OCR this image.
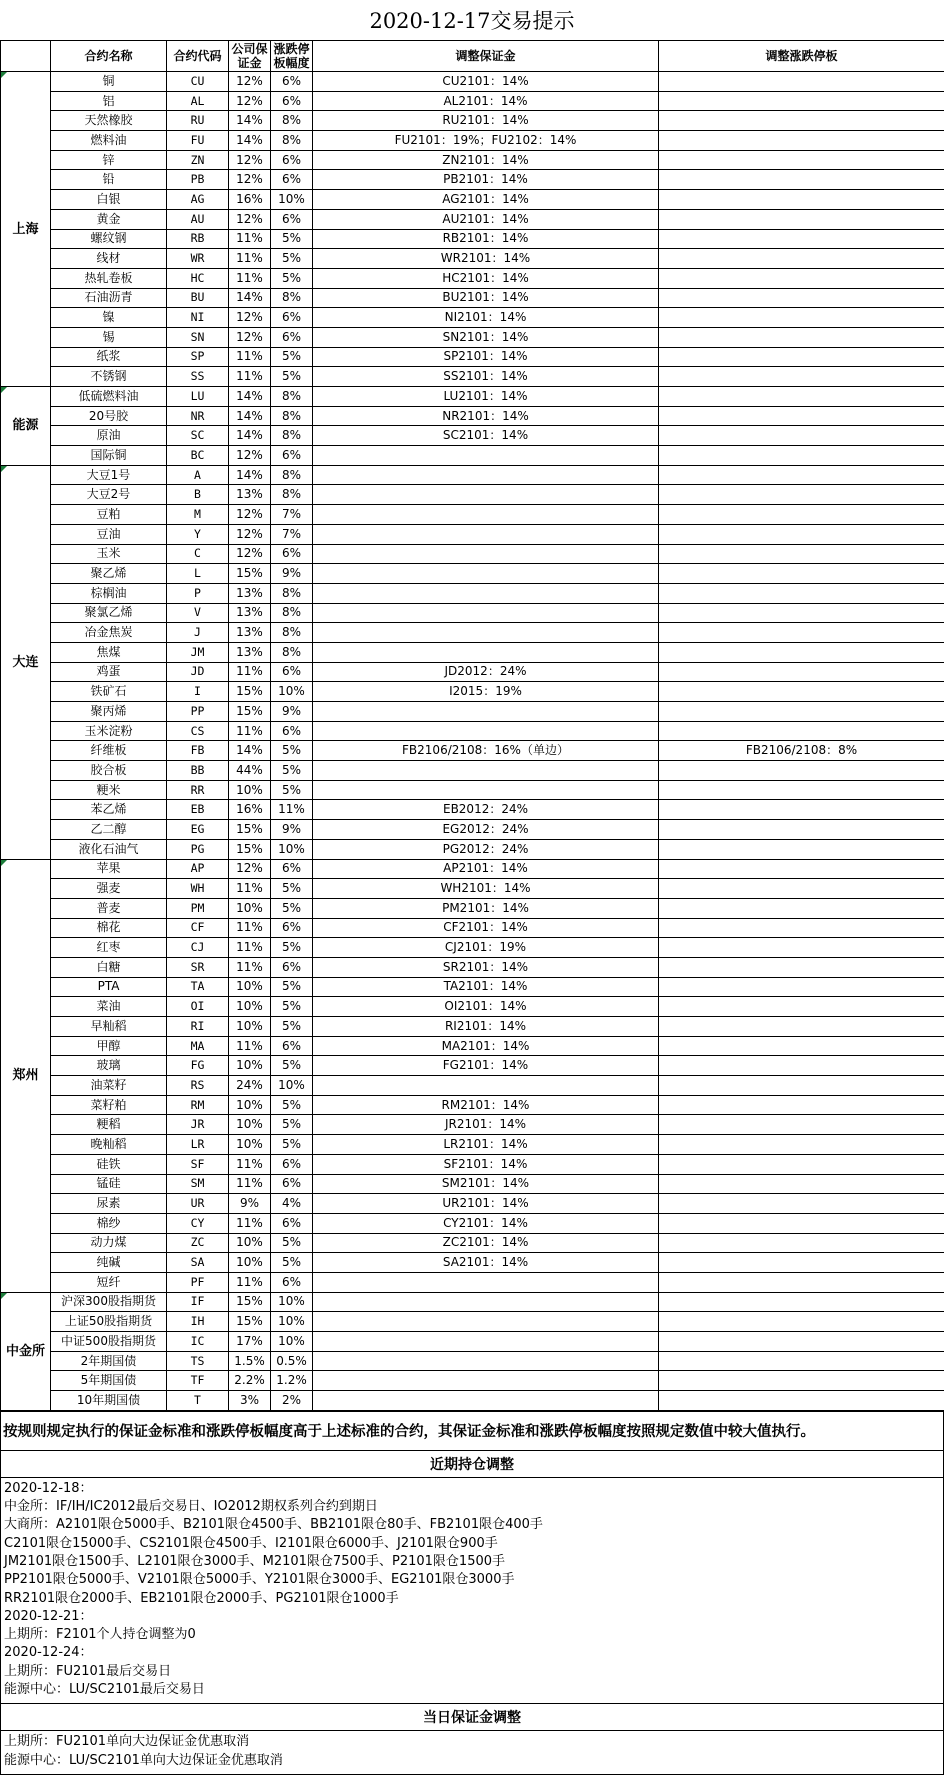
2020-12-17交易提示
	合约名称	合约代码	公司保证金	涨跌停板幅度	调整保证金	调整涨跌停板
上海	铜	CU	12%	6%	CU2101：14%	
	铝	AL	12%	6%	AL2101：14%	
	天然橡胶	RU	14%	8%	RU2101：14%	
	燃料油	FU	14%	8%	FU2101：19%；FU2102：14%	
	锌	ZN	12%	6%	ZN2101：14%	
	铅	PB	12%	6%	PB2101：14%	
	白银	AG	16%	10%	AG2101：14%	
	黄金	AU	12%	6%	AU2101：14%	
	螺纹钢	RB	11%	5%	RB2101：14%	
	线材	WR	11%	5%	WR2101：14%	
	热轧卷板	HC	11%	5%	HC2101：14%	
	石油沥青	BU	14%	8%	BU2101：14%	
	镍	NI	12%	6%	NI2101：14%	
	锡	SN	12%	6%	SN2101：14%	
	纸浆	SP	11%	5%	SP2101：14%	
	不锈钢	SS	11%	5%	SS2101：14%	
能源	低硫燃料油	LU	14%	8%	LU2101：14%	
	20号胶	NR	14%	8%	NR2101：14%	
	原油	SC	14%	8%	SC2101：14%	
	国际铜	BC	12%	6%		
大连	大豆1号	A	14%	8%		
	大豆2号	B	13%	8%		
	豆粕	M	12%	7%		
	豆油	Y	12%	7%		
	玉米	C	12%	6%		
	聚乙烯	L	15%	9%		
	棕榈油	P	13%	8%		
	聚氯乙烯	V	13%	8%		
	冶金焦炭	J	13%	8%		
	焦煤	JM	13%	8%		
	鸡蛋	JD	11%	6%	JD2012：24%	
	铁矿石	I	15%	10%	I2015：19%	
	聚丙烯	PP	15%	9%		
	玉米淀粉	CS	11%	6%		
	纤维板	FB	14%	5%	FB2106/2108：16%（单边）	FB2106/2108：8%
	胶合板	BB	44%	5%		
	粳米	RR	10%	5%		
	苯乙烯	EB	16%	11%	EB2012：24%	
	乙二醇	EG	15%	9%	EG2012：24%	
	液化石油气	PG	15%	10%	PG2012：24%	
郑州	苹果	AP	12%	6%	AP2101：14%	
	强麦	WH	11%	5%	WH2101：14%	
	普麦	PM	10%	5%	PM2101：14%	
	棉花	CF	11%	6%	CF2101：14%	
	红枣	CJ	11%	5%	CJ2101：19%	
	白糖	SR	11%	6%	SR2101：14%	
	PTA	TA	10%	5%	TA2101：14%	
	菜油	OI	10%	5%	OI2101：14%	
	早籼稻	RI	10%	5%	RI2101：14%	
	甲醇	MA	11%	6%	MA2101：14%	
	玻璃	FG	10%	5%	FG2101：14%	
	油菜籽	RS	24%	10%		
	菜籽粕	RM	10%	5%	RM2101：14%	
	粳稻	JR	10%	5%	JR2101：14%	
	晚籼稻	LR	10%	5%	LR2101：14%	
	硅铁	SF	11%	6%	SF2101：14%	
	锰硅	SM	11%	6%	SM2101：14%	
	尿素	UR	9%	4%	UR2101：14%	
	棉纱	CY	11%	6%	CY2101：14%	
	动力煤	ZC	10%	5%	ZC2101：14%	
	纯碱	SA	10%	5%	SA2101：14%	
	短纤	PF	11%	6%		
中金所	沪深300股指期货	IF	15%	10%		
	上证50股指期货	IH	15%	10%		
	中证500股指期货	IC	17%	10%		
	2年期国债	TS	1.5%	0.5%		
	5年期国债	TF	2.2%	1.2%		
	10年期国债	T	3%	2%		
按规则规定执行的保证金标准和涨跌停板幅度高于上述标准的合约，其保证金标准和涨跌停板幅度按照规定数值中较大值执行。
近期持仓调整

2020-12-18：
中金所：IF/IH/IC2012最后交易日、IO2012期权系列合约到期日
大商所：A2101限仓5000手、B2101限仓4500手、BB2101限仓80手、FB2101限仓400手
C2101限仓15000手、CS2101限仓4500手、I2101限仓6000手、J2101限仓900手
JM2101限仓1500手、L2101限仓3000手、M2101限仓7500手、P2101限仓1500手
PP2101限仓5000手、V2101限仓5000手、Y2101限仓3000手、EG2101限仓3000手
RR2101限仓2000手、EB2101限仓2000手、PG2101限仓1000手
2020-12-21：
上期所：F2101个人持仓调整为0
2020-12-24：
上期所：FU2101最后交易日
能源中心：LU/SC2101最后交易日

当日保证金调整

上期所：FU2101单向大边保证金优惠取消
能源中心：LU/SC2101单向大边保证金优惠取消
